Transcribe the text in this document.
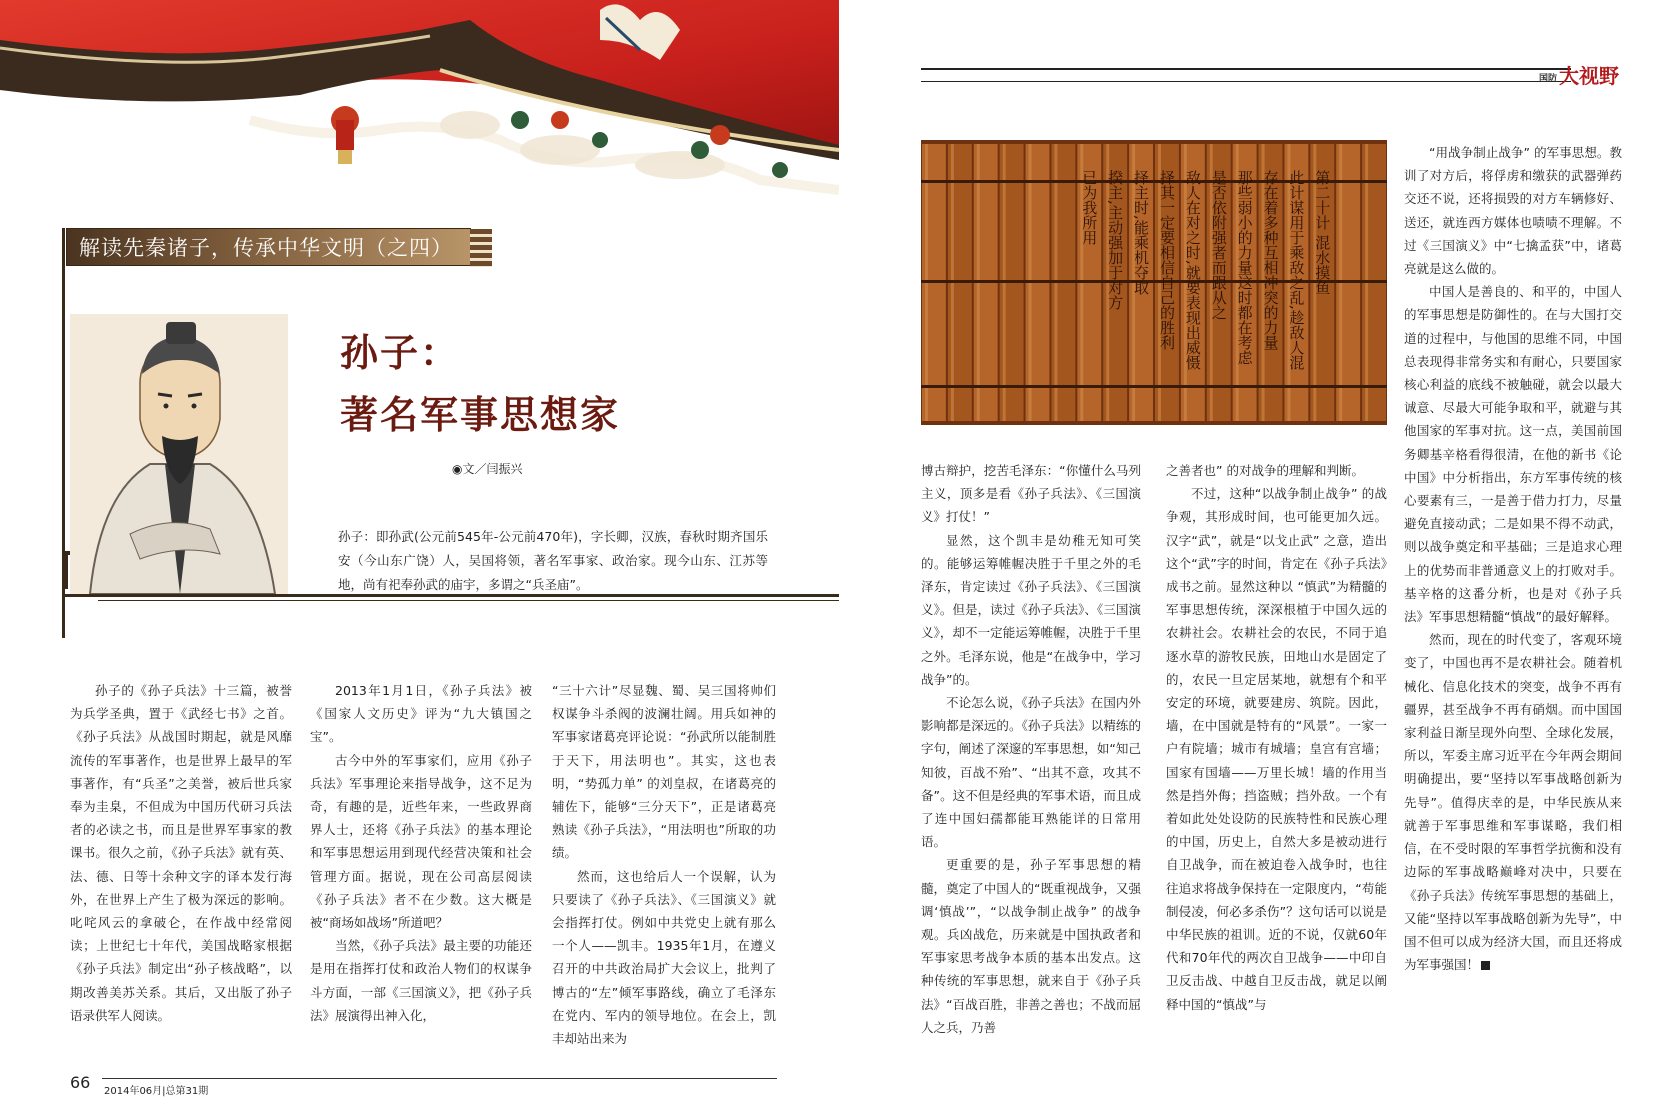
解读先秦诸子，传承中华文明（之四）
孙子：
著名军事思想家
◉文／闫振兴
孙子：即孙武(公元前545年-公元前470年)，字长卿，汉族，春秋时期齐国乐安（今山东广饶）人，吴国将领，著名军事家、政治家。现今山东、江苏等地，尚有祀奉孙武的庙宇，多谓之“兵圣庙”。

孙子的《孙子兵法》十三篇，被誉为兵学圣典，置于《武经七书》之首。《孙子兵法》从战国时期起，就是风靡流传的军事著作，也是世界上最早的军事著作，有“兵圣”之美誉，被后世兵家奉为圭臬，不但成为中国历代研习兵法者的必读之书，而且是世界军事家的教课书。很久之前，《孙子兵法》就有英、法、德、日等十余种文字的译本发行海外，在世界上产生了极为深远的影响。叱咤风云的拿破仑，在作战中经常阅读；上世纪七十年代，美国战略家根据《孙子兵法》制定出“孙子核战略”，以期改善美苏关系。其后，又出版了孙子语录供军人阅读。

2013年1月1日，《孙子兵法》被《国家人文历史》评为“九大镇国之宝”。

古今中外的军事家们，应用《孙子兵法》军事理论来指导战争，这不足为奇，有趣的是，近些年来，一些政界商界人士，还将《孙子兵法》的基本理论和军事思想运用到现代经营决策和社会管理方面。据说，现在公司高层阅读《孙子兵法》者不在少数。这大概是被“商场如战场”所道吧？

当然，《孙子兵法》最主要的功能还是用在指挥打仗和政治人物们的权谋争斗方面，一部《三国演义》，把《孙子兵法》展演得出神入化，

“三十六计”尽显魏、蜀、吴三国将帅们权谋争斗杀阀的波澜壮阔。用兵如神的军事家诸葛亮评论说：“孙武所以能制胜于天下，用法明也”。其实，这也表明，“势孤力单” 的刘皇叔，在诸葛亮的辅佐下，能够“三分天下”，正是诸葛亮熟读《孙子兵法》，“用法明也”所取的功绩。

然而，这也给后人一个误解，认为只要读了《孙子兵法》、《三国演义》就会指挥打仗。例如中共党史上就有那么一个人——凯丰。1935年1月，在遵义召开的中共政治局扩大会议上，批判了博古的“左”倾军事路线，确立了毛泽东在党内、军内的领导地位。在会上，凯丰却站出来为

66	2014年06月|总第31期
国防 大视野
第二十计 混水摸鱼
此计谋用于乘敌之乱,趁敌人混
存在着多种互相冲突的力量
那些弱小的力量这时都在考虑
是否依附强者而跟从之
敌人在对之时,就要表现出威慑
择其一定要相信自己的胜利
择主时,能乘机夺取
揆主,主动强加于对方
已为我所用

博古辩护，挖苦毛泽东：“你懂什么马列主义，顶多是看《孙子兵法》、《三国演义》打仗！”

显然，这个凯丰是幼稚无知可笑的。能够运筹帷幄决胜于千里之外的毛泽东，肯定读过《孙子兵法》、《三国演义》。但是，读过《孙子兵法》、《三国演义》，却不一定能运筹帷幄，决胜于千里之外。毛泽东说，他是“在战争中，学习战争”的。

不论怎么说，《孙子兵法》在国内外影响都是深远的。《孙子兵法》以精练的字句，阐述了深邃的军事思想，如“知己知彼，百战不殆”、“出其不意，攻其不备”。这不但是经典的军事术语，而且成了连中国妇孺都能耳熟能详的日常用语。

更重要的是，孙子军事思想的精髓，奠定了中国人的“既重视战争，又强调‘慎战’”，“以战争制止战争” 的战争观。兵凶战危，历来就是中国执政者和军事家思考战争本质的基本出发点。这种传统的军事思想，就来自于《孙子兵法》“百战百胜，非善之善也；不战而屈人之兵，乃善

之善者也” 的对战争的理解和判断。

不过，这种“以战争制止战争” 的战争观，其形成时间，也可能更加久远。汉字“武”，就是“以戈止武” 之意，造出这个“武”字的时间，肯定在《孙子兵法》成书之前。显然这种以 “慎武”为精髓的军事思想传统，深深根植于中国久远的农耕社会。农耕社会的农民，不同于追逐水草的游牧民族，田地山水是固定了的，农民一旦定居某地，就想有个和平安定的环境，就要建房、筑院。因此，墙，在中国就是特有的“风景”。一家一户有院墙；城市有城墙；皇宫有宫墙；国家有国墙——万里长城！墙的作用当然是挡外侮；挡盗贼；挡外敌。一个有着如此处处设防的民族特性和民族心理的中国，历史上，自然大多是被动进行自卫战争，而在被迫卷入战争时，也往往追求将战争保持在一定限度内，“苟能制侵凌，何必多杀伤”？这句话可以说是中华民族的祖训。近的不说，仅就60年代和70年代的两次自卫战争——中印自卫反击战、中越自卫反击战，就足以阐释中国的“慎战”与

“用战争制止战争” 的军事思想。教训了对方后，将俘虏和缴获的武器弹药交还不说，还将损毁的对方车辆修好、送还，就连西方媒体也啧啧不理解。不过《三国演义》中“七擒孟获”中，诸葛亮就是这么做的。

中国人是善良的、和平的，中国人的军事思想是防御性的。在与大国打交道的过程中，与他国的思维不同，中国总表现得非常务实和有耐心，只要国家核心利益的底线不被触碰，就会以最大诚意、尽最大可能争取和平，就避与其他国家的军事对抗。这一点，美国前国务卿基辛格看得很清，在他的新书《论中国》中分析指出，东方军事传统的核心要素有三，一是善于借力打力，尽量避免直接动武；二是如果不得不动武，则以战争奠定和平基础；三是追求心理上的优势而非普通意义上的打败对手。基辛格的这番分析，也是对《孙子兵法》军事思想精髓“慎战”的最好解释。

然而，现在的时代变了，客观环境变了，中国也再不是农耕社会。随着机械化、信息化技术的突变，战争不再有疆界，甚至战争不再有硝烟。而中国国家利益日渐呈现外向型、全球化发展，所以，军委主席习近平在今年两会期间明确提出，要“坚持以军事战略创新为先导”。值得庆幸的是，中华民族从来就善于军事思维和军事谋略，我们相信，在不受时限的军事哲学抗衡和没有边际的军事战略巅峰对决中，只要在《孙子兵法》传统军事思想的基础上，又能“坚持以军事战略创新为先导”，中国不但可以成为经济大国，而且还将成为军事强国！
